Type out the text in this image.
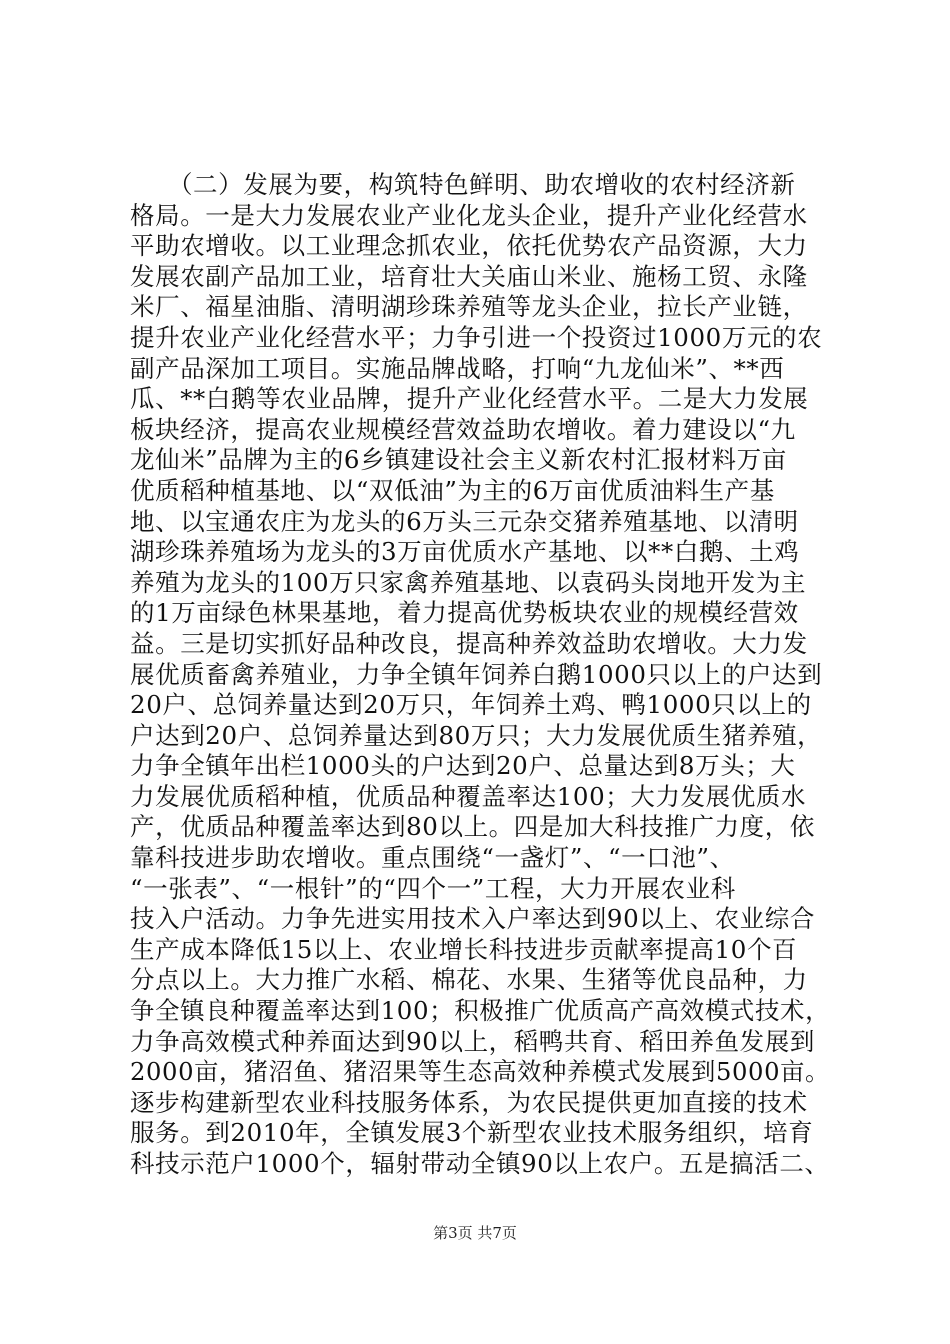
　　（二）发展为要，构筑特色鲜明、助农增收的农村经济新
格局。一是大力发展农业产业化龙头企业，提升产业化经营水
平助农增收。以工业理念抓农业，依托优势农产品资源，大力
发展农副产品加工业，培育壮大关庙山米业、施杨工贸、永隆
米厂、福星油脂、清明湖珍珠养殖等龙头企业，拉长产业链，
提升农业产业化经营水平；力争引进一个投资过1000万元的农
副产品深加工项目。实施品牌战略，打响“九龙仙米”、**西
瓜、**白鹅等农业品牌，提升产业化经营水平。二是大力发展
板块经济，提高农业规模经营效益助农增收。着力建设以“九
龙仙米”品牌为主的6乡镇建设社会主义新农村汇报材料万亩
优质稻种植基地、以“双低油”为主的6万亩优质油料生产基
地、以宝通农庄为龙头的6万头三元杂交猪养殖基地、以清明
湖珍珠养殖场为龙头的3万亩优质水产基地、以**白鹅、土鸡
养殖为龙头的100万只家禽养殖基地、以袁码头岗地开发为主
的1万亩绿色林果基地，着力提高优势板块农业的规模经营效
益。三是切实抓好品种改良，提高种养效益助农增收。大力发
展优质畜禽养殖业，力争全镇年饲养白鹅1000只以上的户达到
20户、总饲养量达到20万只，年饲养土鸡、鸭1000只以上的
户达到20户、总饲养量达到80万只；大力发展优质生猪养殖，
力争全镇年出栏1000头的户达到20户、总量达到8万头；大
力发展优质稻种植，优质品种覆盖率达100；大力发展优质水
产，优质品种覆盖率达到80以上。四是加大科技推广力度，依
靠科技进步助农增收。重点围绕“一盏灯”、“一口池”、
“一张表”、“一根针”的“四个一”工程，大力开展农业科
技入户活动。力争先进实用技术入户率达到90以上、农业综合
生产成本降低15以上、农业增长科技进步贡献率提高10个百
分点以上。大力推广水稻、棉花、水果、生猪等优良品种，力
争全镇良种覆盖率达到100；积极推广优质高产高效模式技术，
力争高效模式种养面达到90以上，稻鸭共育、稻田养鱼发展到
2000亩，猪沼鱼、猪沼果等生态高效种养模式发展到5000亩。
逐步构建新型农业科技服务体系，为农民提供更加直接的技术
服务。到2010年，全镇发展3个新型农业技术服务组织，培育
科技示范户1000个，辐射带动全镇90以上农户。五是搞活二、
第3页 共7页
